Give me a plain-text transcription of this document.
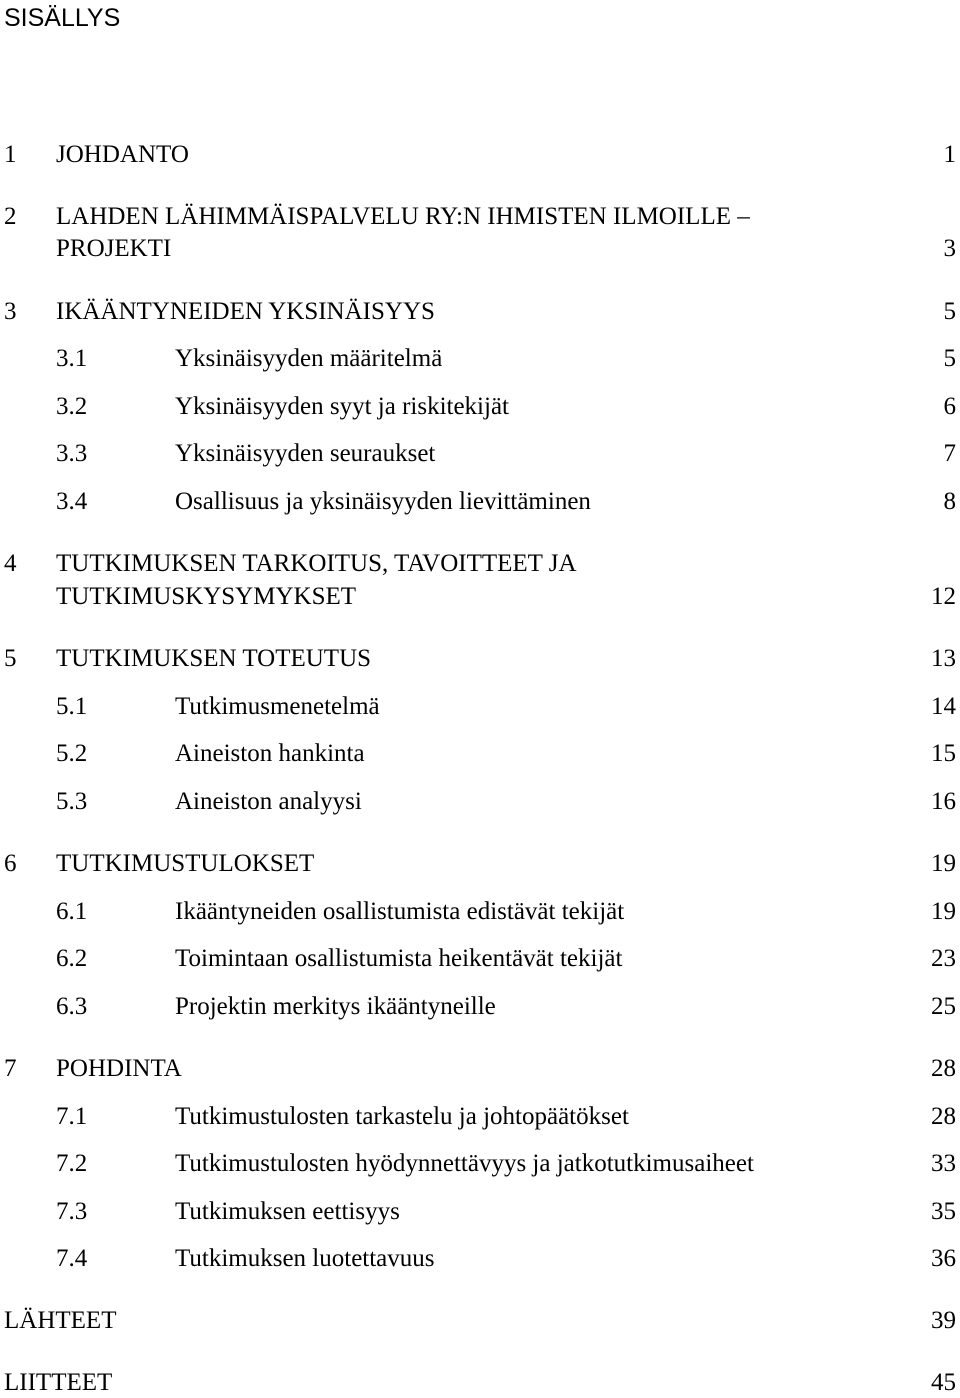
SISÄLLYS
1 JOHDANTO	1
2 LAHDEN LÄHIMMÄISPALVELU RY:N IHMISTEN ILMOILLE –
PROJEKTI	3
3 IKÄÄNTYNEIDEN YKSINÄISYYS	5
3.1	Yksinäisyyden määritelmä	5
3.2	Yksinäisyyden syyt ja riskitekijät	6
3.3	Yksinäisyyden seuraukset	7
3.4	Osallisuus ja yksinäisyyden lievittäminen	8
4 TUTKIMUKSEN TARKOITUS, TAVOITTEET JA
TUTKIMUSKYSYMYKSET	12
5 TUTKIMUKSEN TOTEUTUS	13
5.1	Tutkimusmenetelmä	14
5.2	Aineiston hankinta	15
5.3	Aineiston analyysi	16
6 TUTKIMUSTULOKSET	19
6.1	Ikääntyneiden osallistumista edistävät tekijät	19
6.2	Toimintaan osallistumista heikentävät tekijät	23
6.3	Projektin merkitys ikääntyneille	25
7 POHDINTA	28
7.1	Tutkimustulosten tarkastelu ja johtopäätökset	28
7.2	Tutkimustulosten hyödynnettävyys ja jatkotutkimusaiheet	33
7.3	Tutkimuksen eettisyys	35
7.4	Tutkimuksen luotettavuus	36
LÄHTEET	39
LIITTEET	45
